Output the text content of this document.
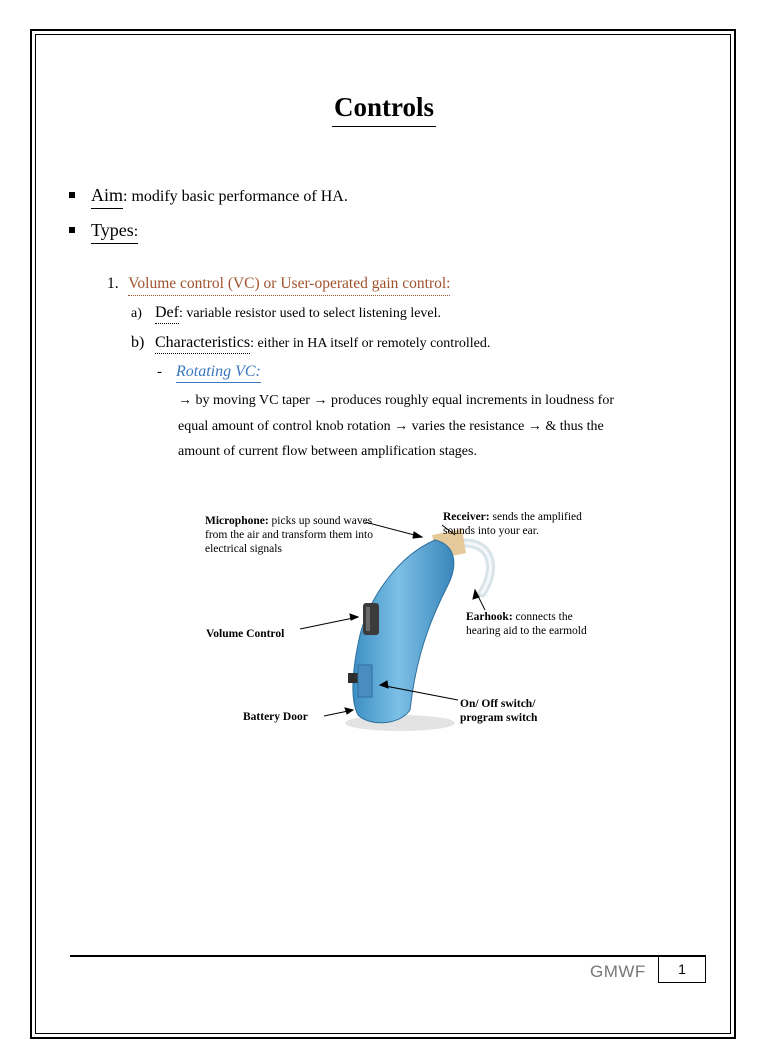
Controls
Aim: modify basic performance of HA.
Types:
1. Volume control (VC) or User-operated gain control:
a) Def: variable resistor used to select listening level.
b) Characteristics: either in HA itself or remotely controlled.
- Rotating VC:
→ by moving VC taper → produces roughly equal increments in loudness for
equal amount of control knob rotation → varies the resistance → & thus the
amount of current flow between amplification stages.
Microphone: picks up sound waves from the air and transform them into electrical signals
Receiver: sends the amplified sounds into your ear.
Volume Control
Earhook: connects the hearing aid to the earmold
Battery Door
On/ Off switch/ program switch
GMWF	1
